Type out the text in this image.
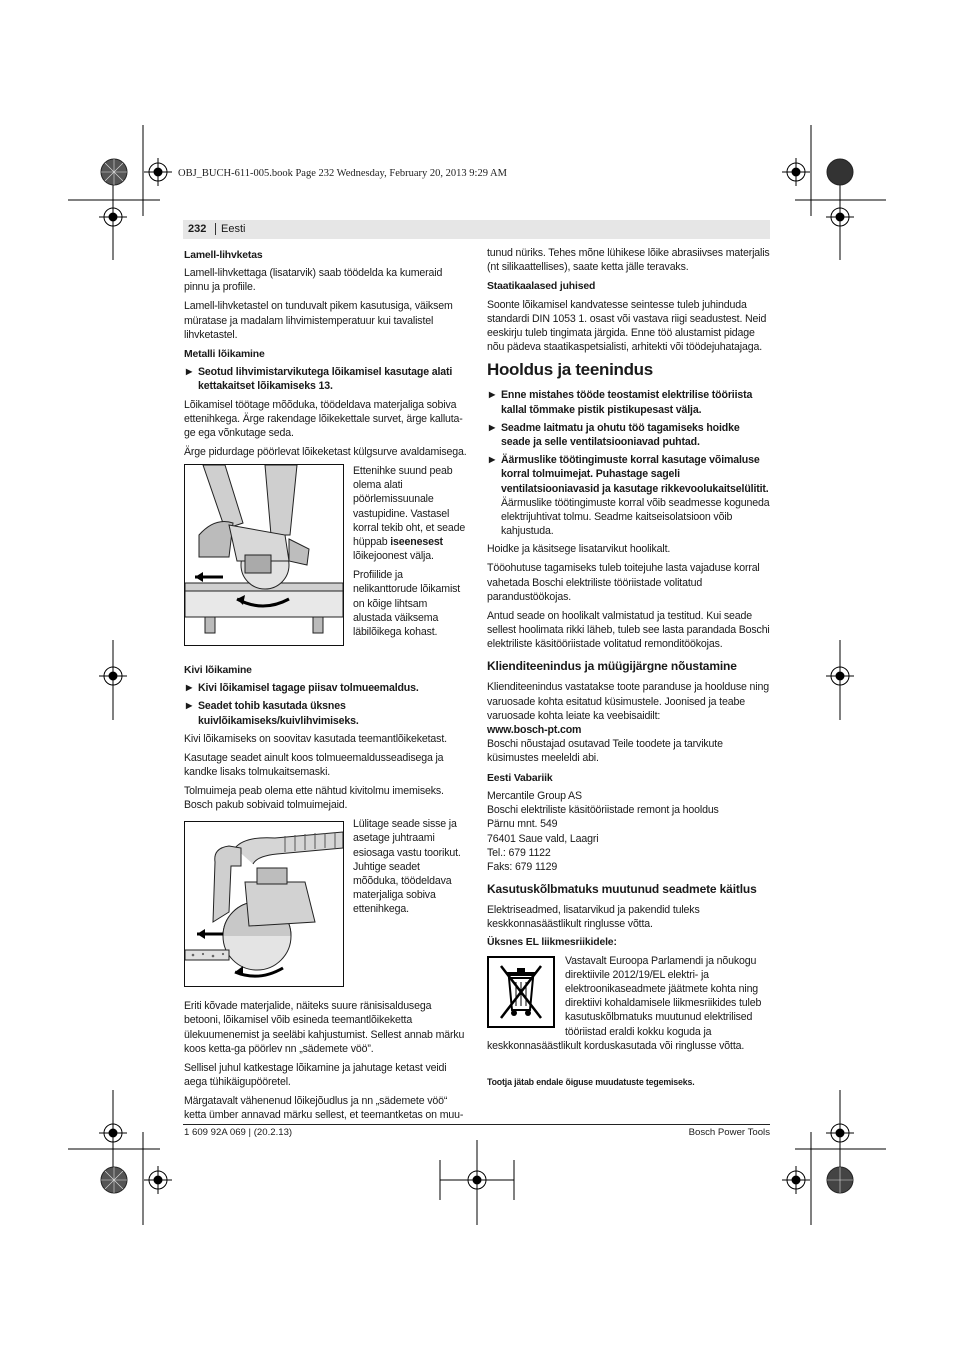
OBJ_BUCH-611-005.book Page 232 Wednesday, February 20, 2013 9:29 AM
232	Eesti
Lamell-lihvketas

Lamell-lihvkettaga (lisatarvik) saab töödelda ka kumeraid pinnu ja profiile.

Lamell-lihvketastel on tunduvalt pikem kasutusiga, väiksem müratase ja madalam lihvimistemperatuur kui tavalistel lihvketastel.

Metalli lõikamine
▶ Seotud lihvimistarvikutega lõikamisel kasutage alati kettakaitset lõikamiseks 13.

Lõikamisel töötage mõõduka, töödeldava materjaliga sobiva ettenihkega. Ärge rakendage lõikekettale survet, ärge kalluta-ge ega võnkutage seda.

Ärge pidurdage pöörlevat lõikeketast külgsurve avaldamisega.

Ettenihke suund peab olema alati pöörlemissuunale vastupidine. Vastasel korral tekib oht, et seade hüppab iseenesest lõikejoonest välja.

Profiilide ja nelikanttorude lõikamist on kõige lihtsam alustada väiksema läbilõikega kohast.

Kivi lõikamine
▶ Kivi lõikamisel tagage piisav tolmueemaldus.
▶ Seadet tohib kasutada üksnes kuivlõikamiseks/kuivlihvimiseks.

Kivi lõikamiseks on soovitav kasutada teemantlõikeketast.

Kasutage seadet ainult koos tolmueemaldusseadisega ja kandke lisaks tolmukaitsemaski.

Tolmuimeja peab olema ette nähtud kivitolmu imemiseks. Bosch pakub sobivaid tolmuimejaid.

Lülitage seade sisse ja asetage juhtraami esiosaga vastu toorikut. Juhtige seadet mõõduka, töödeldava materjaliga sobiva ettenihkega.

Eriti kõvade materjalide, näiteks suure ränisisaldusega betooni, lõikamisel võib esineda teemantlõikeketta ülekuumenemist ja seeläbi kahjustumist. Sellest annab märku koos ketta-ga pöörlev nn „sädemete vöö”.

Sellisel juhul katkestage lõikamine ja jahutage ketast veidi aega tühikäigupööretel.

Märgatavalt vähenenud lõikejõudlus ja nn „sädemete vöö“ ketta ümber annavad märku sellest, et teemantketas on muu-

tunud nüriks. Tehes mõne lühikese lõike abrasiivses materjalis (nt silikaattellises), saate ketta jälle teravaks.

Staatikaalased juhised

Soonte lõikamisel kandvatesse seintesse tuleb juhinduda standardi DIN 1053 1. osast või vastava riigi seadustest. Neid eeskirju tuleb tingimata järgida. Enne töö alustamist pidage nõu pädeva staatikaspetsialisti, arhitekti või töödejuhatajaga.

Hooldus ja teenindus
▶ Enne mistahes tööde teostamist elektrilise tööriista kallal tõmmake pistik pistikupesast välja.
▶ Seadme laitmatu ja ohutu töö tagamiseks hoidke seade ja selle ventilatsiooniavad puhtad.
▶ Äärmuslike töötingimuste korral kasutage võimaluse korral tolmuimejat. Puhastage sageli ventilatsiooniavasid ja kasutage rikkevoolukaitselülitit. Äärmuslike töötingimuste korral võib seadmesse koguneda elektrijuhtivat tolmu. Seadme kaitseisolatsioon võib kahjustuda.

Hoidke ja käsitsege lisatarvikut hoolikalt.

Tööohutuse tagamiseks tuleb toitejuhe lasta vajaduse korral vahetada Boschi elektriliste tööriistade volitatud parandustöökojas.

Antud seade on hoolikalt valmistatud ja testitud. Kui seade sellest hoolimata rikki läheb, tuleb see lasta parandada Boschi elektriliste käsitööriistade volitatud remonditöökojas.

Klienditeenindus ja müügijärgne nõustamine

Klienditeenindus vastatakse toote paranduse ja hoolduse ning varuosade kohta esitatud küsimustele. Joonised ja teabe varuosade kohta leiate ka veebisaidilt:

www.bosch-pt.com

Boschi nõustajad osutavad Teile toodete ja tarvikute küsimustes meeleldi abi.

Eesti Vabariik
Mercantile Group AS
Boschi elektriliste käsitööriistade remont ja hooldus
Pärnu mnt. 549
76401 Saue vald, Laagri
Tel.: 679 1122
Faks: 679 1129
Kasutuskõlbmatuks muutunud seadmete käitlus

Elektriseadmed, lisatarvikud ja pakendid tuleks keskkonnasäästlikult ringlusse võtta.

Üksnes EL liikmesriikidele:

Vastavalt Euroopa Parlamendi ja nõukogu direktiivile 2012/19/EL elektri- ja elektroonikaseadmete jäätmete kohta ning direktiivi kohaldamisele liikmesriikides tuleb kasutuskõlbmatuks muutunud elektrilised tööriistad eraldi kokku koguda ja keskkonnasäästlikult korduskasutada või ringlusse võtta.

Tootja jätab endale õiguse muudatuste tegemiseks.
1 609 92A 069 | (20.2.13)	Bosch Power Tools
